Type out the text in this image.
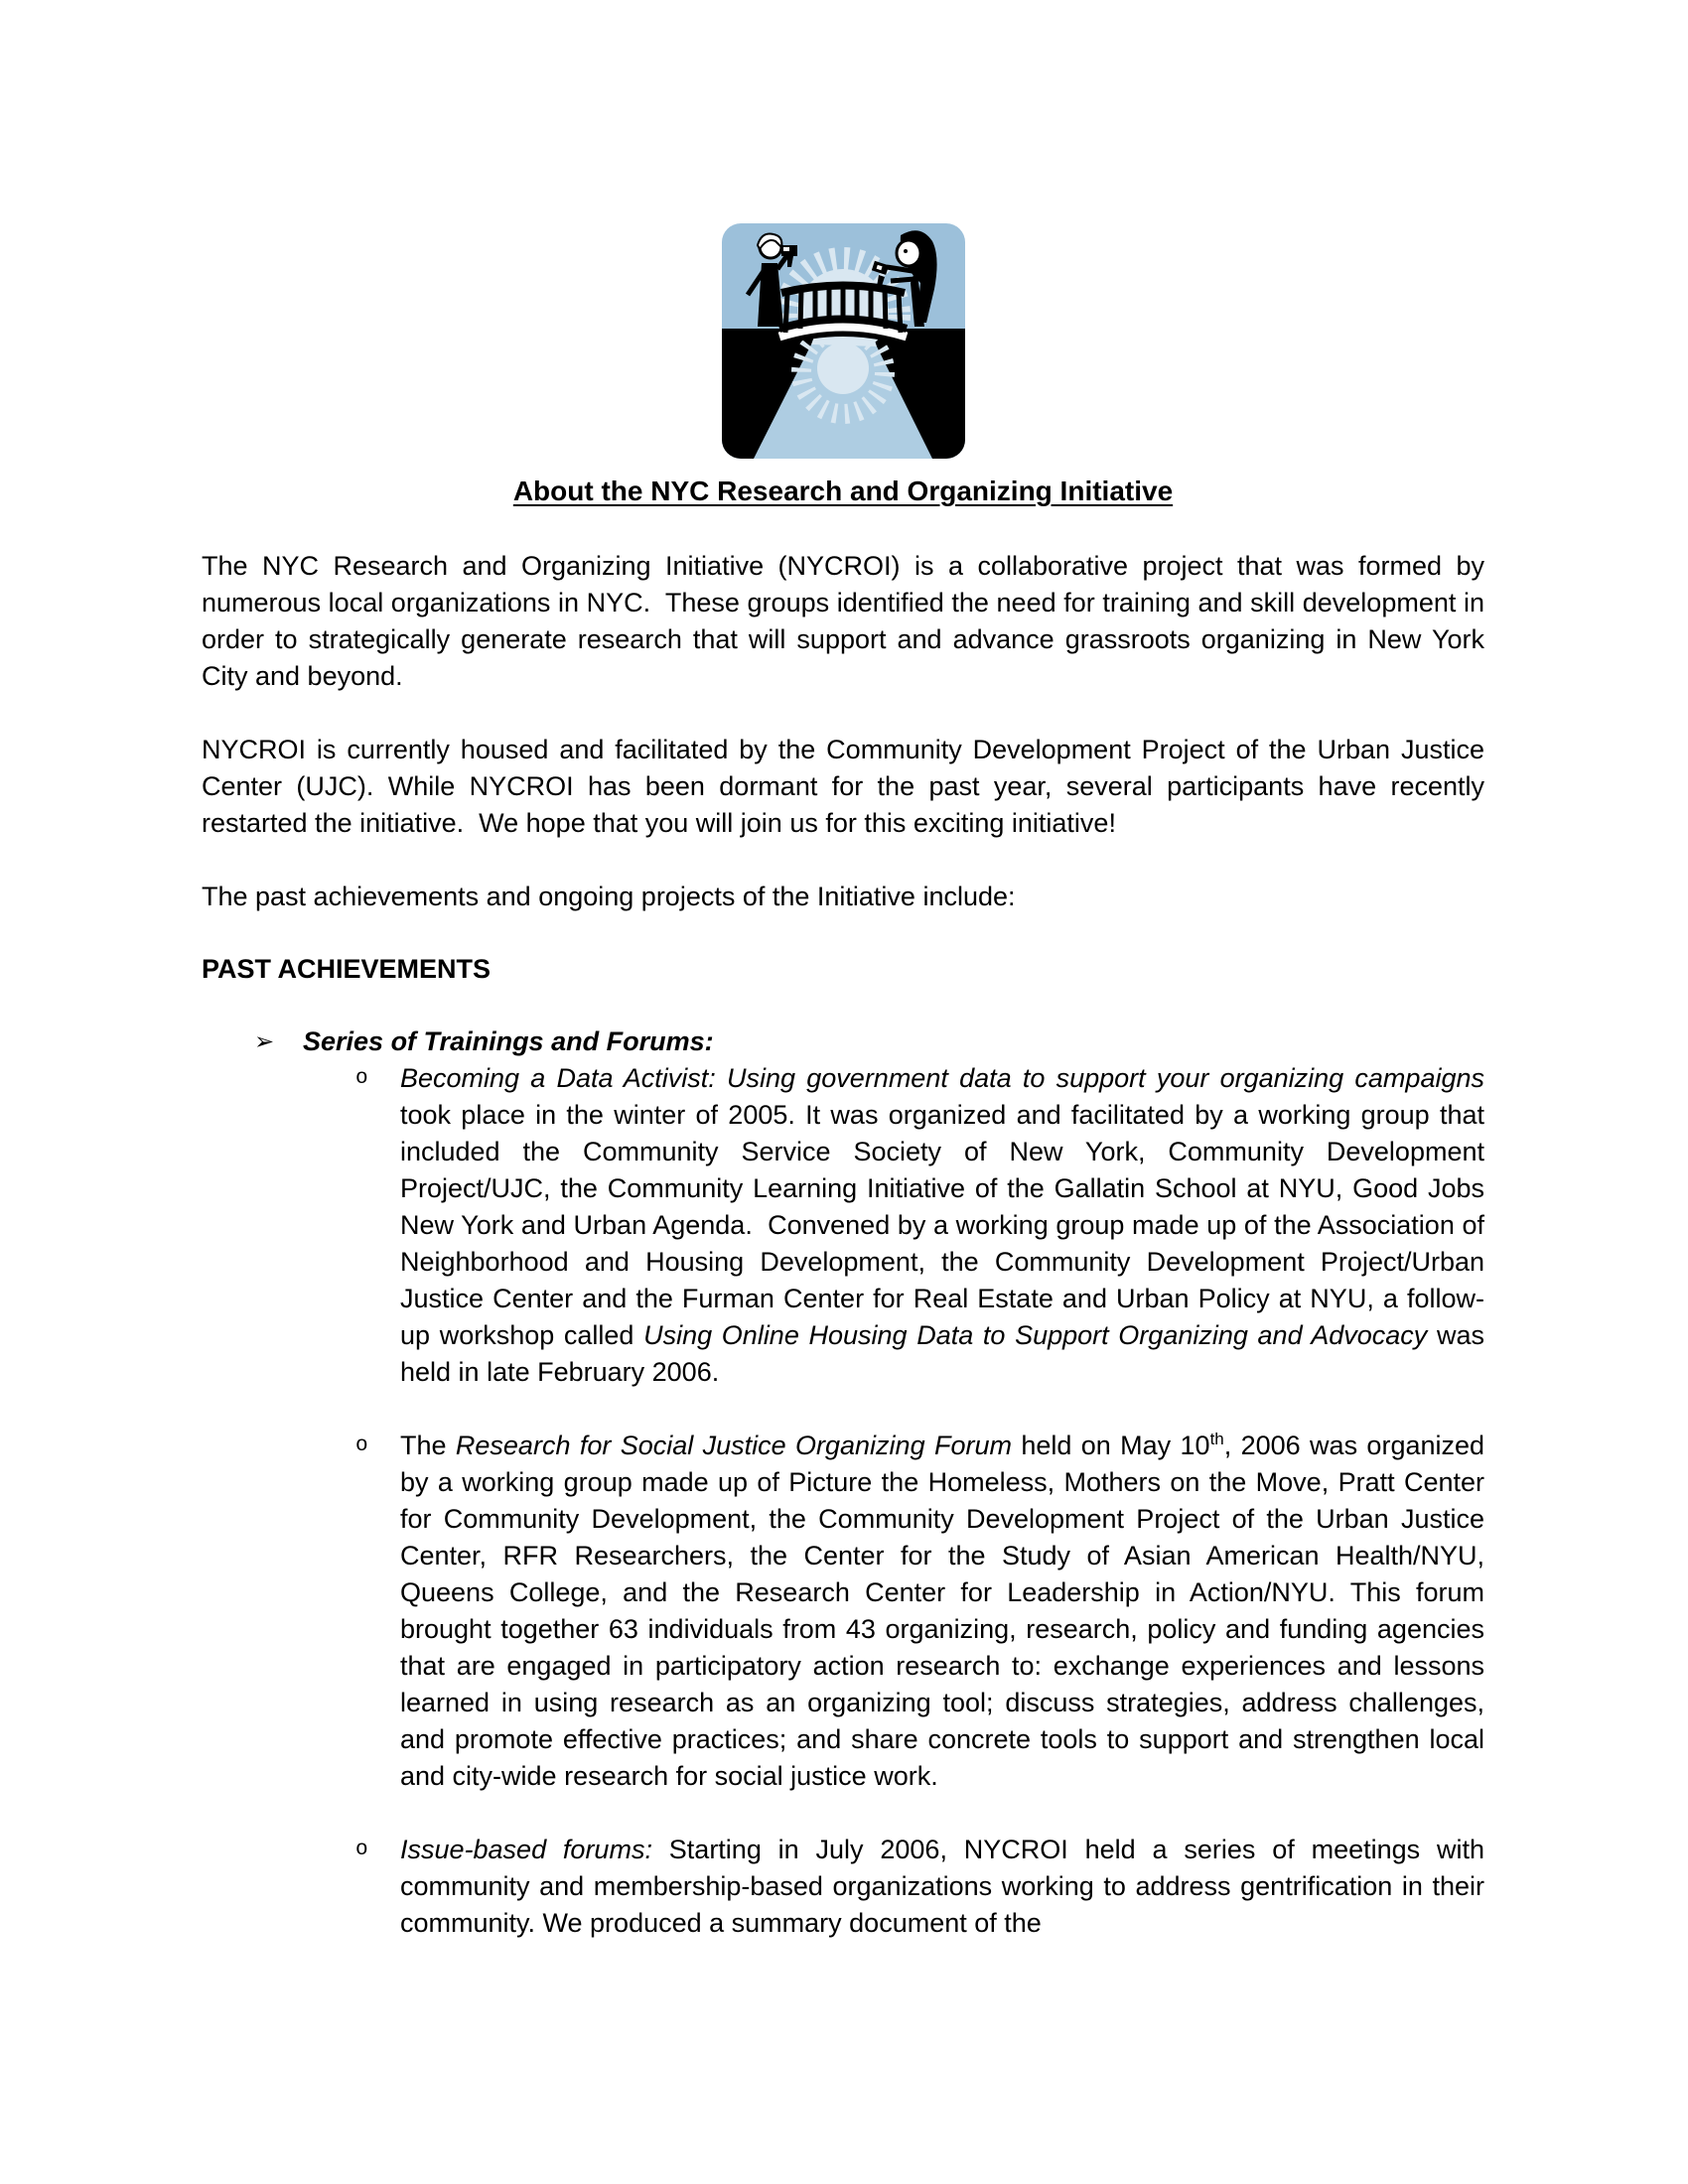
About the NYC Research and Organizing Initiative

The NYC Research and Organizing Initiative (NYCROI) is a collaborative project that was formed by numerous local organizations in NYC.  These groups identified the need for training and skill development in order to strategically generate research that will support and advance grassroots organizing in New York City and beyond.

NYCROI is currently housed and facilitated by the Community Development Project of the Urban Justice Center (UJC). While NYCROI has been dormant for the past year, several participants have recently restarted the initiative.  We hope that you will join us for this exciting initiative!

The past achievements and ongoing projects of the Initiative include:

PAST ACHIEVEMENTS
➢	Series of Trainings and Forums:
o	Becoming a Data Activist: Using government data to support your organizing campaigns took place in the winter of 2005. It was organized and facilitated by a working group that included the Community Service Society of New York, Community Development Project/UJC, the Community Learning Initiative of the Gallatin School at NYU, Good Jobs New York and Urban Agenda.  Convened by a working group made up of the Association of Neighborhood and Housing Development, the Community Development Project/Urban Justice Center and the Furman Center for Real Estate and Urban Policy at NYU, a follow-up workshop called Using Online Housing Data to Support Organizing and Advocacy was held in late February 2006.
o	The Research for Social Justice Organizing Forum held on May 10th, 2006 was organized by a working group made up of Picture the Homeless, Mothers on the Move, Pratt Center for Community Development, the Community Development Project of the Urban Justice Center, RFR Researchers, the Center for the Study of Asian American Health/NYU, Queens College, and the Research Center for Leadership in Action/NYU. This forum brought together 63 individuals from 43 organizing, research, policy and funding agencies that are engaged in participatory action research to: exchange experiences and lessons learned in using research as an organizing tool; discuss strategies, address challenges, and promote effective practices; and share concrete tools to support and strengthen local and city-wide research for social justice work.
o	Issue-based forums: Starting in July 2006, NYCROI held a series of meetings with community and membership-based organizations working to address gentrification in their community. We produced a summary document of the
